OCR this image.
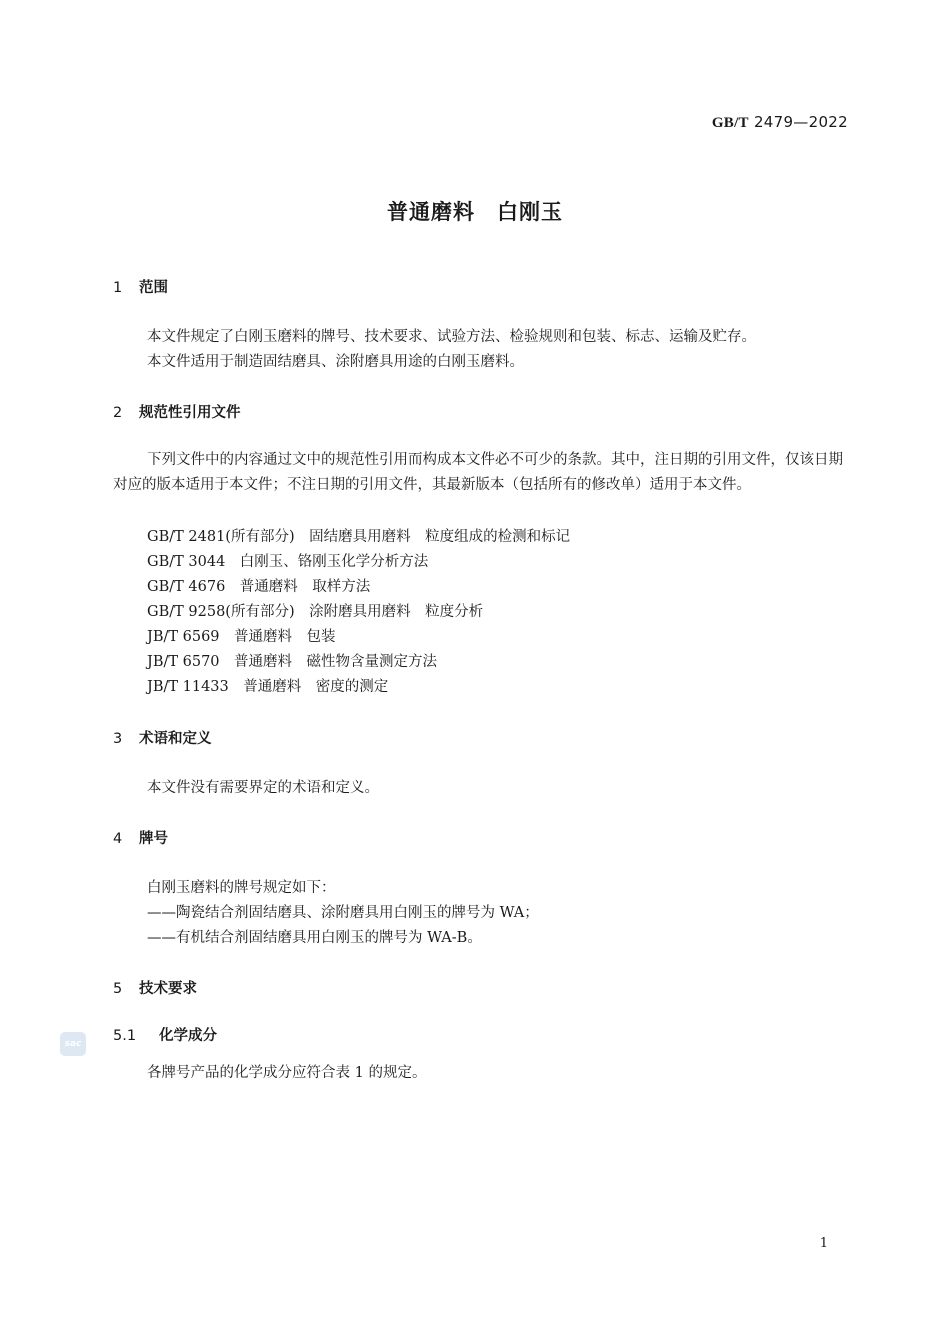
GB/T 2479—2022
普通磨料　白刚玉
1 范围
本文件规定了白刚玉磨料的牌号、技术要求、试验方法、检验规则和包装、标志、运输及贮存。
本文件适用于制造固结磨具、涂附磨具用途的白刚玉磨料。
2 规范性引用文件
下列文件中的内容通过文中的规范性引用而构成本文件必不可少的条款。其中，注日期的引用文件，仅该日期对应的版本适用于本文件；不注日期的引用文件，其最新版本（包括所有的修改单）适用于本文件。
GB/T 2481(所有部分)　固结磨具用磨料　粒度组成的检测和标记
GB/T 3044　白刚玉、铬刚玉化学分析方法
GB/T 4676　普通磨料　取样方法
GB/T 9258(所有部分)　涂附磨具用磨料　粒度分析
JB/T 6569　普通磨料　包装
JB/T 6570　普通磨料　磁性物含量测定方法
JB/T 11433　普通磨料　密度的测定
3 术语和定义
本文件没有需要界定的术语和定义。
4 牌号
白刚玉磨料的牌号规定如下：
——陶瓷结合剂固结磨具、涂附磨具用白刚玉的牌号为 WA；
——有机结合剂固结磨具用白刚玉的牌号为 WA-B。
5 技术要求
5.1 化学成分
各牌号产品的化学成分应符合表 1 的规定。
sac
1
